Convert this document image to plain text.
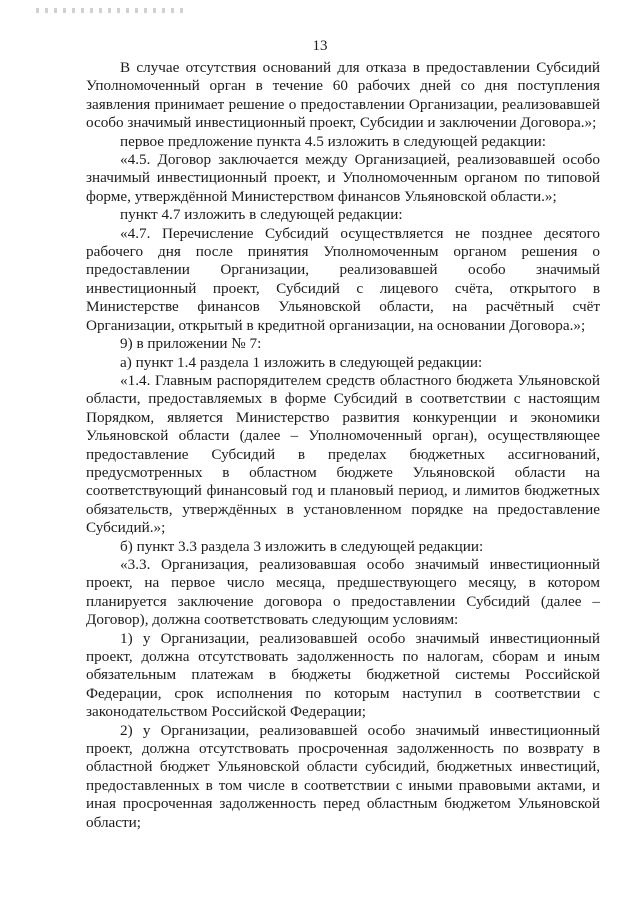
13

В случае отсутствия оснований для отказа в предоставлении Субсидий Уполномоченный орган в течение 60 рабочих дней со дня поступления заявления принимает решение о предоставлении Организации, реализовавшей особо значимый инвестиционный проект, Субсидии и заключении Договора.»;

первое предложение пункта 4.5 изложить в следующей редакции:

«4.5. Договор заключается между Организацией, реализовавшей особо значимый инвестиционный проект, и Уполномоченным органом по типовой форме, утверждённой Министерством финансов Ульяновской области.»;

пункт 4.7 изложить в следующей редакции:

«4.7. Перечисление Субсидий осуществляется не позднее десятого рабочего дня после принятия Уполномоченным органом решения о предоставлении Организации, реализовавшей особо значимый инвестиционный проект, Субсидий с лицевого счёта, открытого в Министерстве финансов Ульяновской области, на расчётный счёт Организации, открытый в кредитной организации, на основании Договора.»;

9) в приложении № 7:

а) пункт 1.4 раздела 1 изложить в следующей редакции:

«1.4. Главным распорядителем средств областного бюджета Ульяновской области, предоставляемых в форме Субсидий в соответствии с настоящим Порядком, является Министерство развития конкуренции и экономики Ульяновской области (далее – Уполномоченный орган), осуществляющее предоставление Субсидий в пределах бюджетных ассигнований, предусмотренных в областном бюджете Ульяновской области на соответствующий финансовый год и плановый период, и лимитов бюджетных обязательств, утверждённых в установленном порядке на предоставление Субсидий.»;

б) пункт 3.3 раздела 3 изложить в следующей редакции:

«3.3. Организация, реализовавшая особо значимый инвестиционный проект, на первое число месяца, предшествующего месяцу, в котором планируется заключение договора о предоставлении Субсидий (далее – Договор), должна соответствовать следующим условиям:

1) у Организации, реализовавшей особо значимый инвестиционный проект, должна отсутствовать задолженность по налогам, сборам и иным обязательным платежам в бюджеты бюджетной системы Российской Федерации, срок исполнения по которым наступил в соответствии с законодательством Российской Федерации;

2) у Организации, реализовавшей особо значимый инвестиционный проект, должна отсутствовать просроченная задолженность по возврату в областной бюджет Ульяновской области субсидий, бюджетных инвестиций, предоставленных в том числе в соответствии с иными правовыми актами, и иная просроченная задолженность перед областным бюджетом Ульяновской области;
